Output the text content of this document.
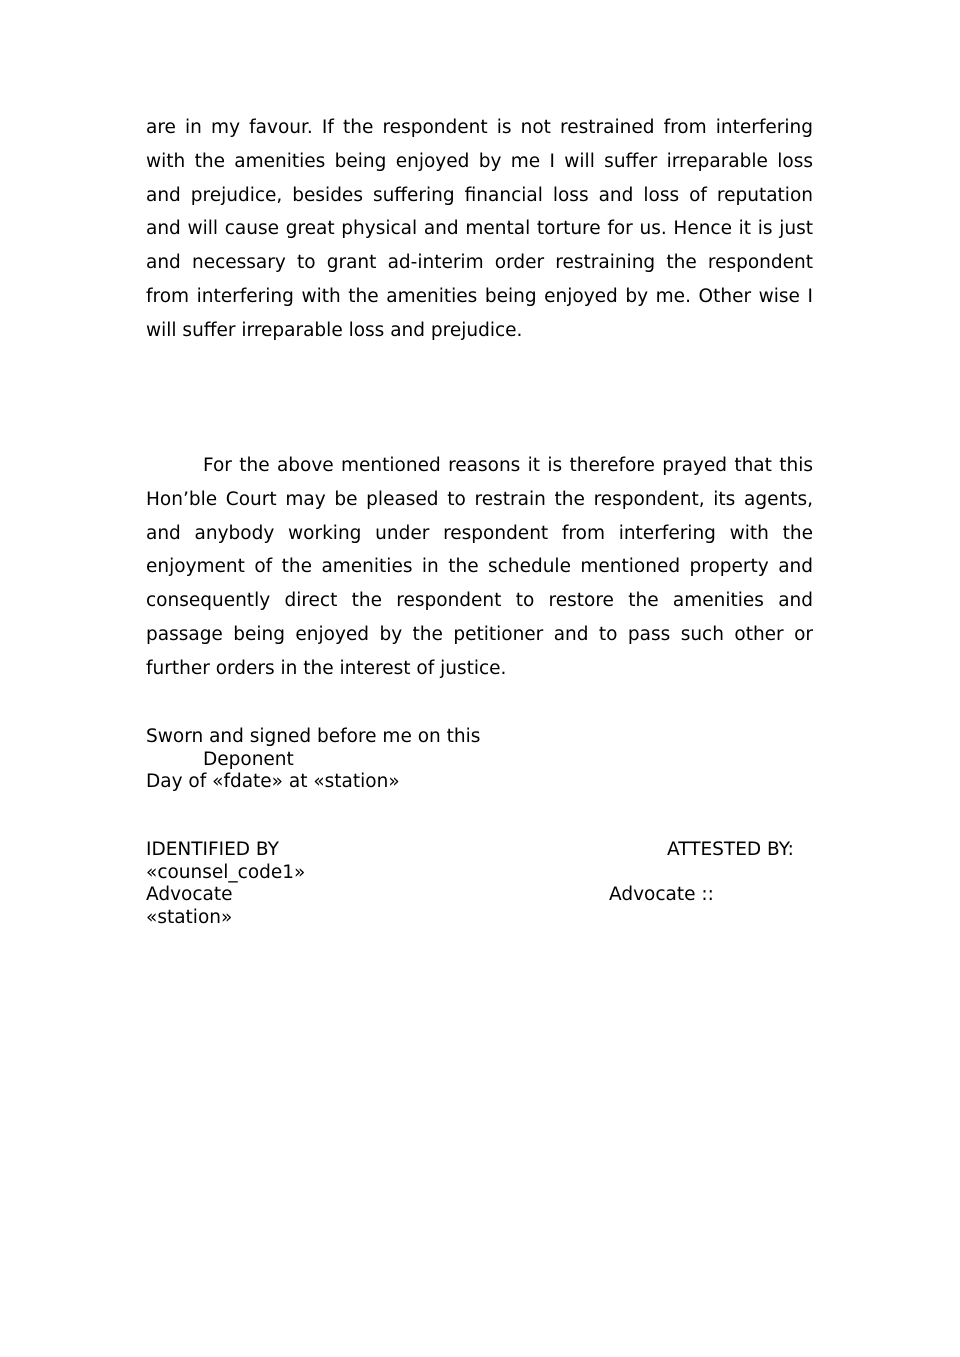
are in my favour. If the respondent is not restrained from interfering with the amenities being enjoyed by me I will suffer irreparable loss and prejudice, besides suffering financial loss and loss of reputation and will cause great physical and mental torture for us. Hence it is just and necessary to grant ad-interim order restraining the respondent from interfering with the amenities being enjoyed by me. Other wise I will suffer irreparable loss and prejudice.

For the above mentioned reasons it is therefore prayed that this Hon’ble Court may be pleased to restrain the respondent, its agents, and anybody working under respondent from interfering with the enjoyment of the amenities in the schedule mentioned property and consequently direct the respondent to restore the amenities and passage being enjoyed by the petitioner and to pass such other or further orders in the interest of justice.

Sworn and signed before me on this

Deponent

Day of «fdate» at «station»

IDENTIFIED BY	ATTESTED BY:

«counsel_code1»

Advocate	Advocate ::

«station»
